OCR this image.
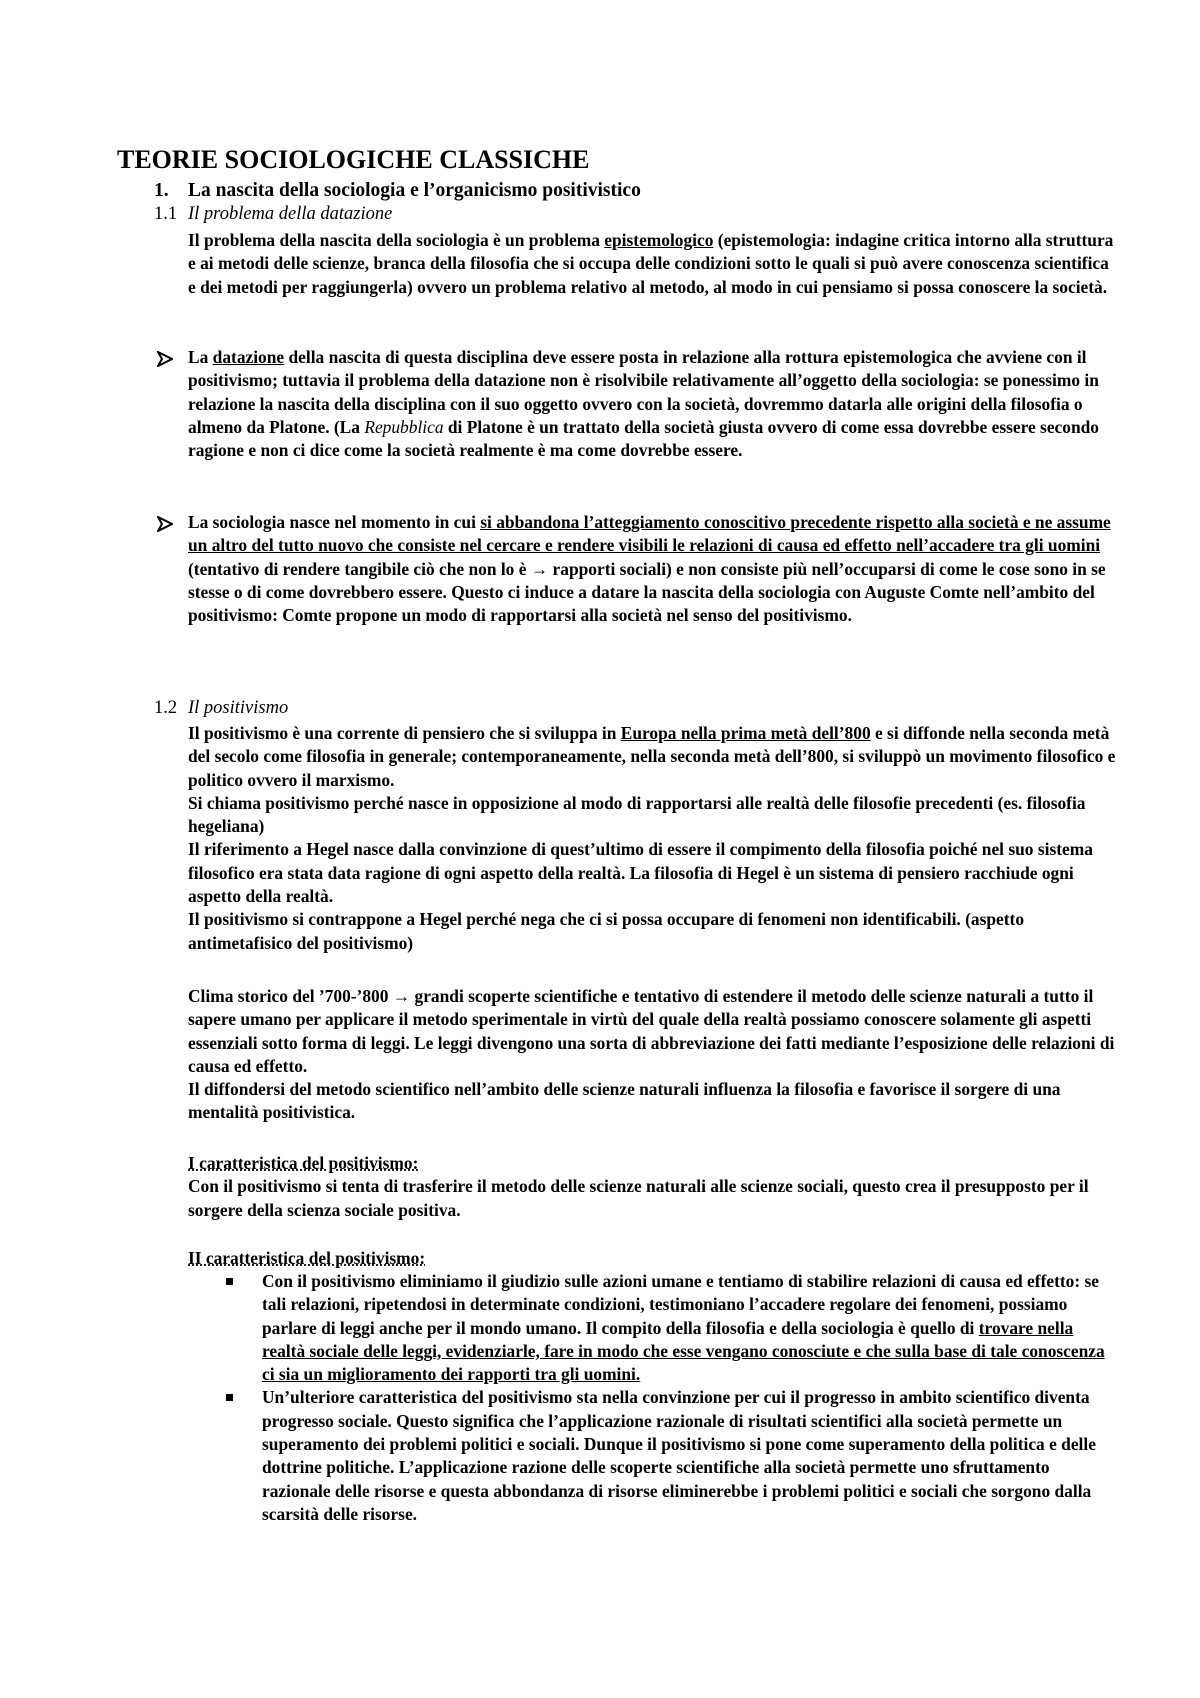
TEORIE SOCIOLOGICHE CLASSICHE
1. La nascita della sociologia e l’organicismo positivistico
1.1 Il problema della datazione

Il problema della nascita della sociologia è un problema epistemologico (epistemologia: indagine critica intorno alla struttura e ai metodi delle scienze, branca della filosofia che si occupa delle condizioni sotto le quali si può avere conoscenza scientifica e dei metodi per raggiungerla) ovvero un problema relativo al metodo, al modo in cui pensiamo si possa conoscere la società.

La datazione della nascita di questa disciplina deve essere posta in relazione alla rottura epistemologica che avviene con il positivismo; tuttavia il problema della datazione non è risolvibile relativamente all’oggetto della sociologia: se ponessimo in relazione la nascita della disciplina con il suo oggetto ovvero con la società, dovremmo datarla alle origini della filosofia o almeno da Platone. (La Repubblica di Platone è un trattato della società giusta ovvero di come essa dovrebbe essere secondo ragione e non ci dice come la società realmente è ma come dovrebbe essere.

La sociologia nasce nel momento in cui si abbandona l’atteggiamento conoscitivo precedente rispetto alla società e ne assume un altro del tutto nuovo che consiste nel cercare e rendere visibili le relazioni di causa ed effetto nell’accadere tra gli uomini (tentativo di rendere tangibile ciò che non lo è → rapporti sociali) e non consiste più nell’occuparsi di come le cose sono in se stesse o di come dovrebbero essere. Questo ci induce a datare la nascita della sociologia con Auguste Comte nell’ambito del positivismo: Comte propone un modo di rapportarsi alla società nel senso del positivismo.

1.2 Il positivismo

Il positivismo è una corrente di pensiero che si sviluppa in Europa nella prima metà dell’800 e si diffonde nella seconda metà del secolo come filosofia in generale; contemporaneamente, nella seconda metà dell’800, si sviluppò un movimento filosofico e politico ovvero il marxismo.

Si chiama positivismo perché nasce in opposizione al modo di rapportarsi alle realtà delle filosofie precedenti (es. filosofia hegeliana)

Il riferimento a Hegel nasce dalla convinzione di quest’ultimo di essere il compimento della filosofia poiché nel suo sistema filosofico era stata data ragione di ogni aspetto della realtà. La filosofia di Hegel è un sistema di pensiero racchiude ogni aspetto della realtà.

Il positivismo si contrappone a Hegel perché nega che ci si possa occupare di fenomeni non identificabili. (aspetto antimetafisico del positivismo)

Clima storico del ’700-’800 → grandi scoperte scientifiche e tentativo di estendere il metodo delle scienze naturali a tutto il sapere umano per applicare il metodo sperimentale in virtù del quale della realtà possiamo conoscere solamente gli aspetti essenziali sotto forma di leggi. Le leggi divengono una sorta di abbreviazione dei fatti mediante l’esposizione delle relazioni di causa ed effetto.

Il diffondersi del metodo scientifico nell’ambito delle scienze naturali influenza la filosofia e favorisce il sorgere di una mentalità positivistica.

I caratteristica del positivismo:

Con il positivismo si tenta di trasferire il metodo delle scienze naturali alle scienze sociali, questo crea il presupposto per il sorgere della scienza sociale positiva.

II caratteristica del positivismo:

Con il positivismo eliminiamo il giudizio sulle azioni umane e tentiamo di stabilire relazioni di causa ed effetto: se tali relazioni, ripetendosi in determinate condizioni, testimoniano l’accadere regolare dei fenomeni, possiamo parlare di leggi anche per il mondo umano. Il compito della filosofia e della sociologia è quello di trovare nella realtà sociale delle leggi, evidenziarle, fare in modo che esse vengano conosciute e che sulla base di tale conoscenza ci sia un miglioramento dei rapporti tra gli uomini.
Un’ulteriore caratteristica del positivismo sta nella convinzione per cui il progresso in ambito scientifico diventa progresso sociale. Questo significa che l’applicazione razionale di risultati scientifici alla società permette un superamento dei problemi politici e sociali. Dunque il positivismo si pone come superamento della politica e delle dottrine politiche. L’applicazione razione delle scoperte scientifiche alla società permette uno sfruttamento razionale delle risorse e questa abbondanza di risorse eliminerebbe i problemi politici e sociali che sorgono dalla scarsità delle risorse.
